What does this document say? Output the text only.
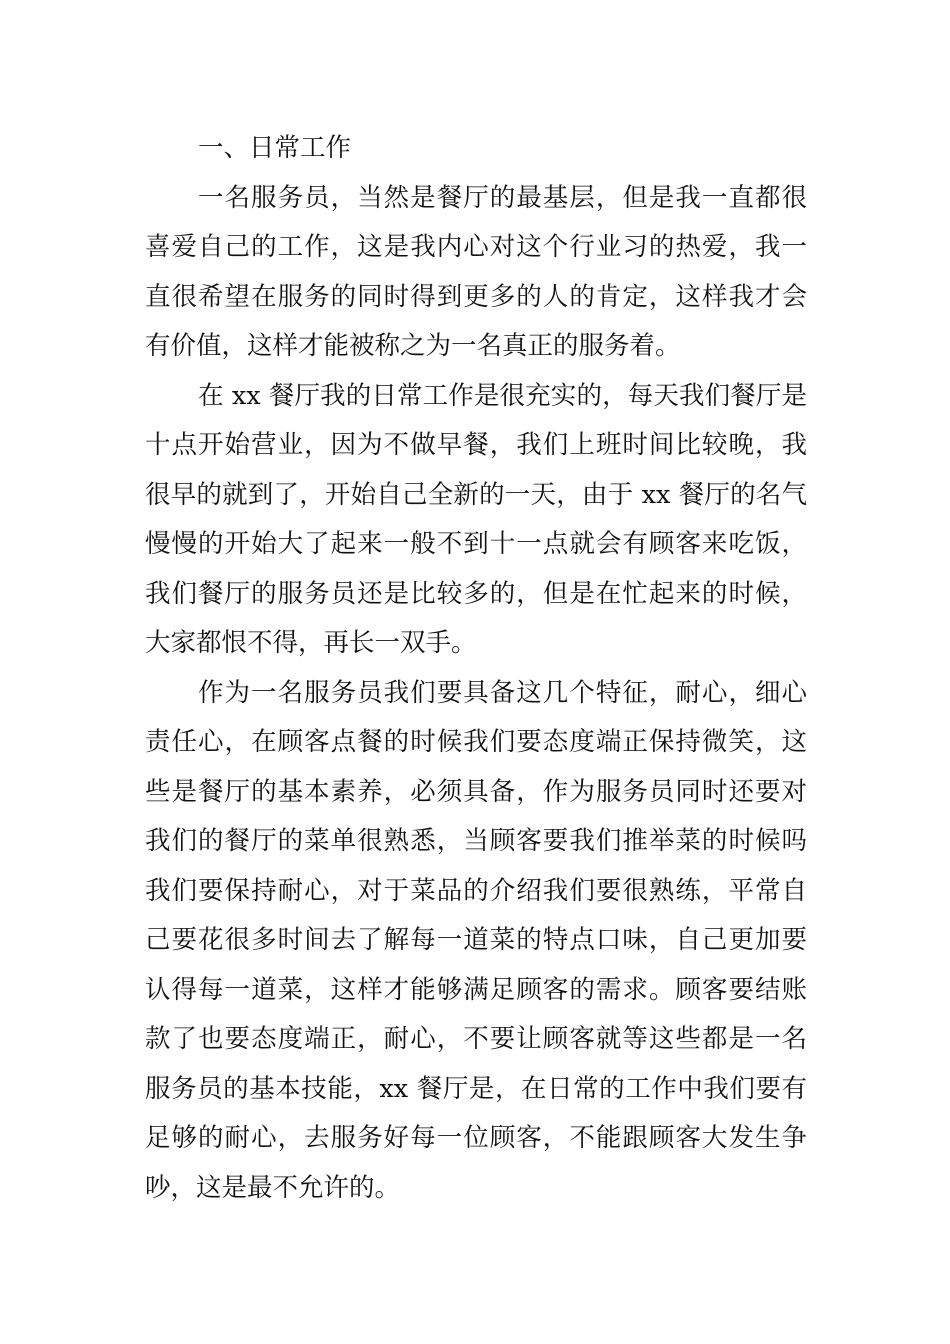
一、日常工作
一名服务员，当然是餐厅的最基层，但是我一直都很
喜爱自己的工作，这是我内心对这个行业习的热爱，我一
直很希望在服务的同时得到更多的人的肯定，这样我才会
有价值，这样才能被称之为一名真正的服务着。
在 xx 餐厅我的日常工作是很充实的，每天我们餐厅是
十点开始营业，因为不做早餐，我们上班时间比较晚，我
很早的就到了，开始自己全新的一天，由于 xx 餐厅的名气
慢慢的开始大了起来一般不到十一点就会有顾客来吃饭，
我们餐厅的服务员还是比较多的，但是在忙起来的时候，
大家都恨不得，再长一双手。
作为一名服务员我们要具备这几个特征，耐心，细心
责任心，在顾客点餐的时候我们要态度端正保持微笑，这
些是餐厅的基本素养，必须具备，作为服务员同时还要对
我们的餐厅的菜单很熟悉，当顾客要我们推举菜的时候吗
我们要保持耐心，对于菜品的介绍我们要很熟练，平常自
己要花很多时间去了解每一道菜的特点口味，自己更加要
认得每一道菜，这样才能够满足顾客的需求。顾客要结账
款了也要态度端正，耐心，不要让顾客就等这些都是一名
服务员的基本技能，xx 餐厅是，在日常的工作中我们要有
足够的耐心，去服务好每一位顾客，不能跟顾客大发生争
吵，这是最不允许的。
